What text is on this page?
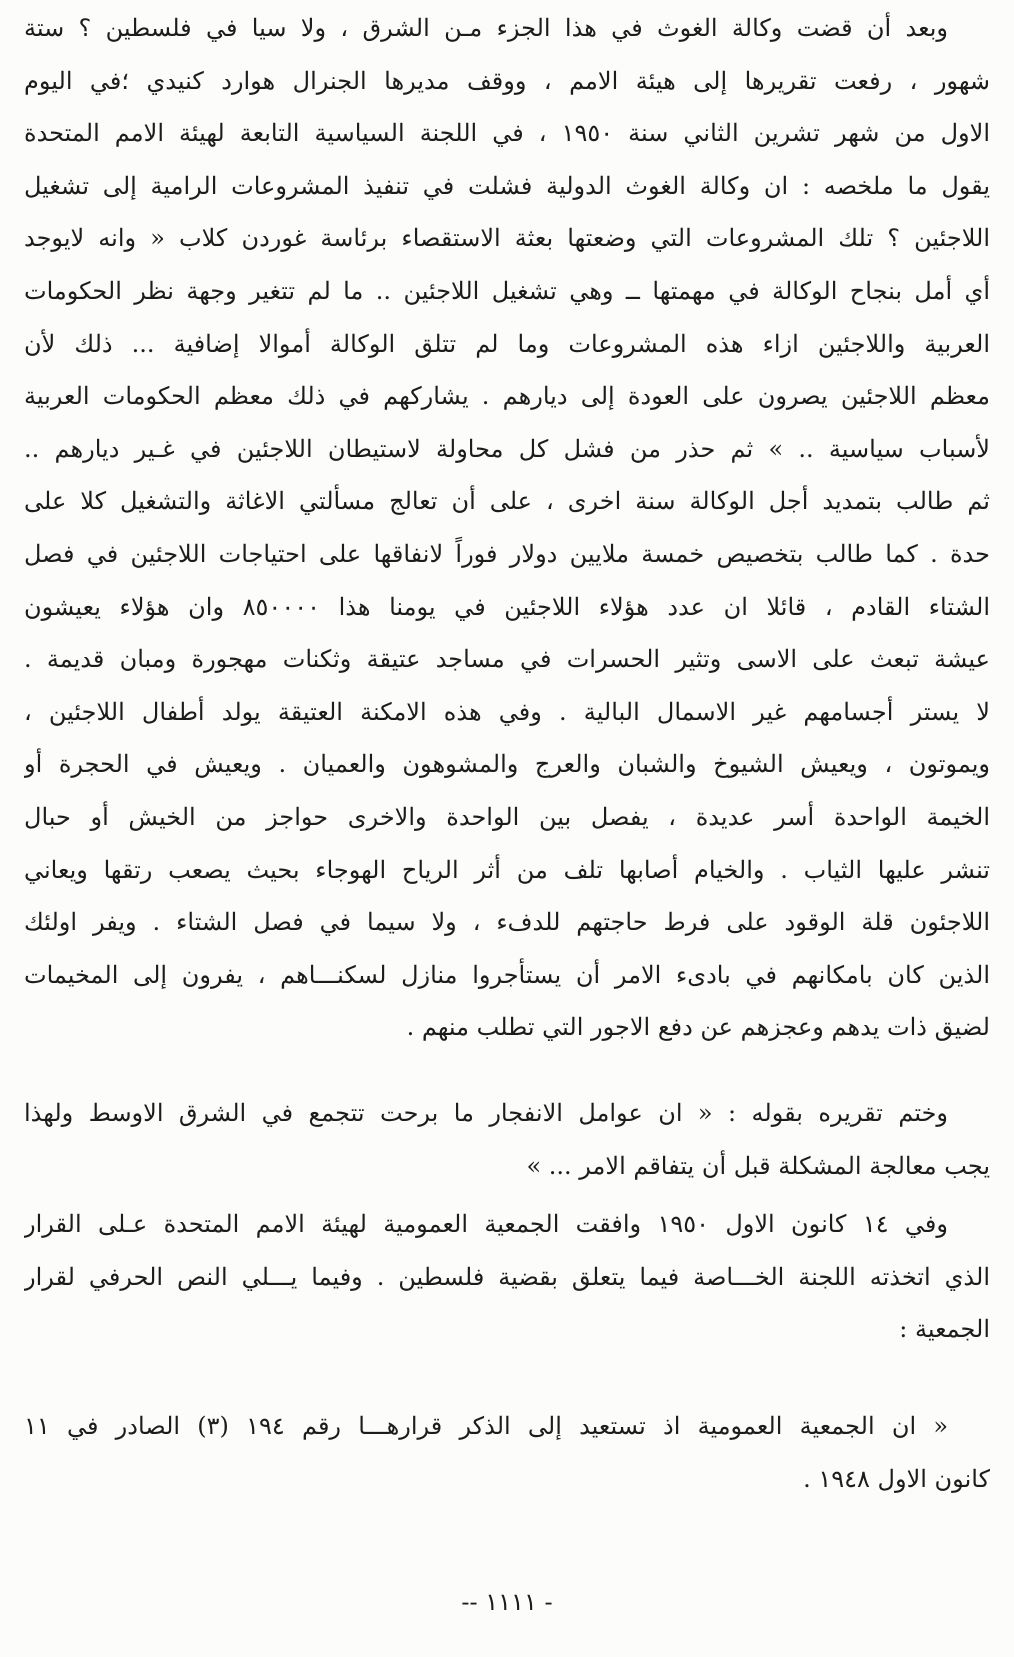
وبعد أن قضت وكالة الغوث في هذا الجزء مـن الشرق ، ولا سيا في فلسطين ؟ ستة
شهور ، رفعت تقريرها إلى هيئة الامم ، ووقف مديرها الجنرال هوارد كنيدي ؛في اليوم
الاول من شهر تشرين الثاني سنة ١٩٥٠ ، في اللجنة السياسية التابعة لهيئة الامم المتحدة
يقول ما ملخصه : ان وكالة الغوث الدولية فشلت في تنفيذ المشروعات الرامية إلى تشغيل
اللاجئين ؟ تلك المشروعات التي وضعتها بعثة الاستقصاء برئاسة غوردن كلاب « وانه لايوجد
أي أمل بنجاح الوكالة في مهمتها ــ وهي تشغيل اللاجئين .. ما لم تتغير وجهة نظر الحكومات
العربية واللاجئين ازاء هذه المشروعات وما لم تتلق الوكالة أموالا إضافية ... ذلك لأن
معظم اللاجئين يصرون على العودة إلى ديارهم . يشاركهم في ذلك معظم الحكومات العربية
لأسباب سياسية .. » ثم حذر من فشل كل محاولة لاستيطان اللاجئين في غـير ديارهم ..
ثم طالب بتمديد أجل الوكالة سنة اخرى ، على أن تعالج مسألتي الاغاثة والتشغيل كلا على
حدة . كما طالب بتخصيص خمسة ملايين دولار فوراً لانفاقها على احتياجات اللاجئين في فصل
الشتاء القادم ، قائلا ان عدد هؤلاء اللاجئين في يومنا هذا ٨٥٠٠٠٠ وان هؤلاء يعيشون
عيشة تبعث على الاسى وتثير الحسرات في مساجد عتيقة وثكنات مهجورة ومبان قديمة .
لا يستر أجسامهم غير الاسمال البالية . وفي هذه الامكنة العتيقة يولد أطفال اللاجئين ،
ويموتون ، ويعيش الشيوخ والشبان والعرج والمشوهون والعميان . ويعيش في الحجرة أو
الخيمة الواحدة أسر عديدة ، يفصل بين الواحدة والاخرى حواجز من الخيش أو حبال
تنشر عليها الثياب . والخيام أصابها تلف من أثر الرياح الهوجاء بحيث يصعب رتقها ويعاني
اللاجئون قلة الوقود على فرط حاجتهم للدفء ، ولا سيما في فصل الشتاء . ويفر اولئك
الذين كان بامكانهم في بادىء الامر أن يستأجروا منازل لسكنـــاهم ، يفرون إلى المخيمات
لضيق ذات يدهم وعجزهم عن دفع الاجور التي تطلب منهم .
وختم تقريره بقوله : « ان عوامل الانفجار ما برحت تتجمع في الشرق الاوسط ولهذا
يجب معالجة المشكلة قبل أن يتفاقم الامر ... »
وفي ١٤ كانون الاول ١٩٥٠ وافقت الجمعية العمومية لهيئة الامم المتحدة عـلى القرار
الذي اتخذته اللجنة الخـــاصة فيما يتعلق بقضية فلسطين . وفيما يـــلي النص الحرفي لقرار
الجمعية :
« ان الجمعية العمومية اذ تستعيد إلى الذكر قرارهـــا رقم ١٩٤ (٣) الصادر في ١١
كانون الاول ١٩٤٨ .
-- ١١١١ -
